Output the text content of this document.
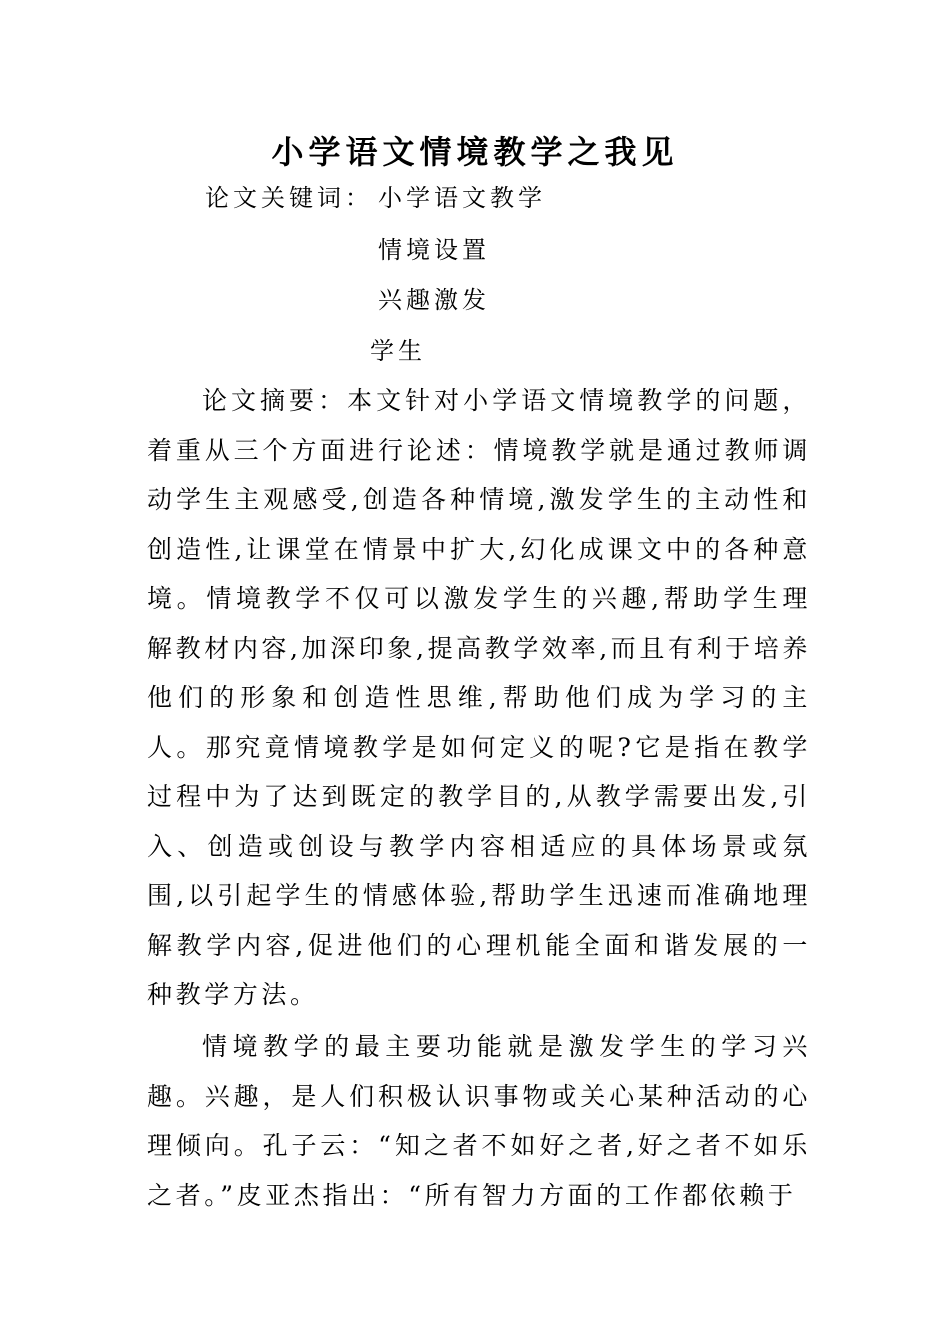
小学语文情境教学之我见

论文关键词： 小学语文教学

情境设置

兴趣激发

学生

论文摘要：本文针对小学语文情境教学的问题，着重从三个方面进行论述：情境教学就是通过教师调动学生主观感受,创造各种情境,激发学生的主动性和创造性,让课堂在情景中扩大,幻化成课文中的各种意境。情境教学不仅可以激发学生的兴趣,帮助学生理解教材内容,加深印象,提高教学效率,而且有利于培养他们的形象和创造性思维,帮助他们成为学习的主人。那究竟情境教学是如何定义的呢?它是指在教学过程中为了达到既定的教学目的,从教学需要出发,引入、创造或创设与教学内容相适应的具体场景或氛围,以引起学生的情感体验,帮助学生迅速而准确地理解教学内容,促进他们的心理机能全面和谐发展的一种教学方法。

情境教学的最主要功能就是激发学生的学习兴趣。兴趣，是人们积极认识事物或关心某种活动的心理倾向。孔子云：“知之者不如好之者,好之者不如乐之者。”皮亚杰指出：“所有智力方面的工作都依赖于
